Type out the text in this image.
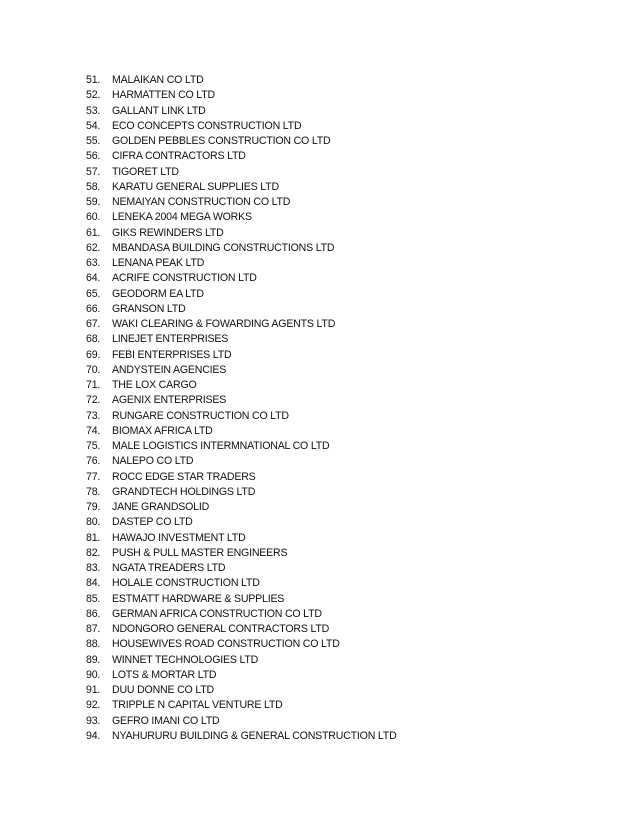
51.	MALAIKAN CO LTD
52.	HARMATTEN CO LTD
53.	GALLANT LINK LTD
54.	ECO CONCEPTS CONSTRUCTION LTD
55.	GOLDEN PEBBLES CONSTRUCTION CO LTD
56.	CIFRA CONTRACTORS LTD
57.	TIGORET LTD
58.	KARATU GENERAL SUPPLIES LTD
59.	NEMAIYAN CONSTRUCTION CO LTD
60.	LENEKA 2004 MEGA WORKS
61.	GIKS REWINDERS LTD
62.	MBANDASA BUILDING CONSTRUCTIONS LTD
63.	LENANA PEAK LTD
64.	ACRIFE CONSTRUCTION LTD
65.	GEODORM EA LTD
66.	GRANSON LTD
67.	WAKI CLEARING & FOWARDING AGENTS LTD
68.	LINEJET ENTERPRISES
69.	FEBI ENTERPRISES LTD
70.	ANDYSTEIN AGENCIES
71.	THE LOX CARGO
72.	AGENIX ENTERPRISES
73.	RUNGARE CONSTRUCTION CO LTD
74.	BIOMAX AFRICA LTD
75.	MALE LOGISTICS INTERMNATIONAL CO LTD
76.	NALEPO CO LTD
77.	ROCC EDGE STAR TRADERS
78.	GRANDTECH HOLDINGS LTD
79.	JANE GRANDSOLID
80.	DASTEP CO LTD
81.	HAWAJO INVESTMENT LTD
82.	PUSH & PULL MASTER ENGINEERS
83.	NGATA TREADERS LTD
84.	HOLALE CONSTRUCTION LTD
85.	ESTMATT HARDWARE & SUPPLIES
86.	GERMAN AFRICA CONSTRUCTION CO LTD
87.	NDONGORO GENERAL CONTRACTORS LTD
88.	HOUSEWIVES ROAD CONSTRUCTION CO LTD
89.	WINNET TECHNOLOGIES LTD
90.	LOTS & MORTAR LTD
91.	DUU DONNE CO LTD
92.	TRIPPLE N CAPITAL VENTURE LTD
93.	GEFRO IMANI CO LTD
94.	NYAHURURU BUILDING & GENERAL CONSTRUCTION LTD
